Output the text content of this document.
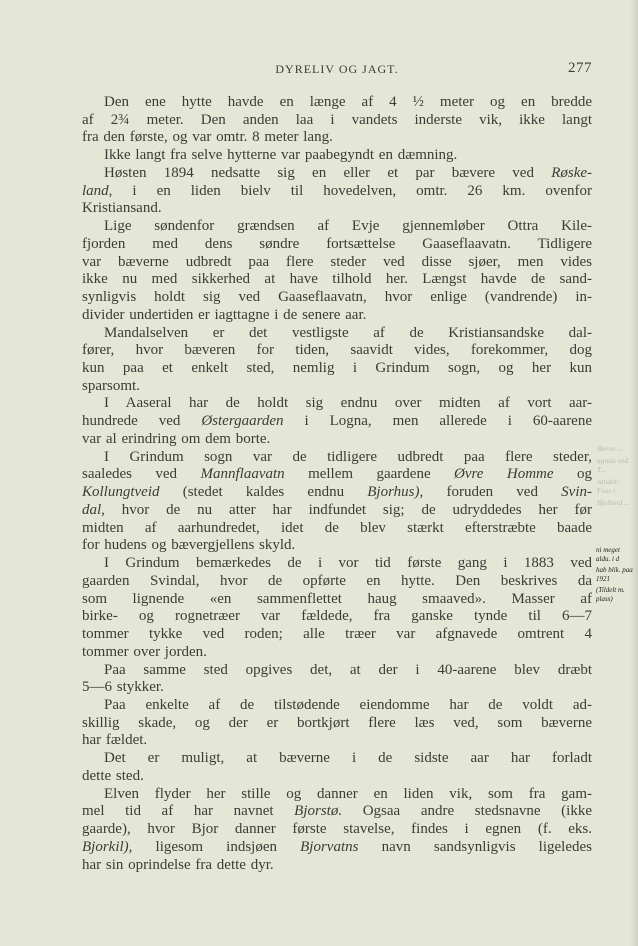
DYRELIV OG JAGT.	277
Den ene hytte havde en længe af 4 ½ meter og en bredde
af 2¾ meter. Den anden laa i vandets inderste vik, ikke langt
fra den første, og var omtr. 8 meter lang.
Ikke langt fra selve hytterne var paabegyndt en dæmning.
Høsten 1894 nedsatte sig en eller et par bævere ved Røske-
land, i en liden bielv til hovedelven, omtr. 26 km. ovenfor
Kristiansand.
Lige søndenfor grændsen af Evje gjennemløber Ottra Kile-
fjorden med dens søndre fortsættelse Gaaseflaavatn. Tidligere
var bæverne udbredt paa flere steder ved disse sjøer, men vides
ikke nu med sikkerhed at have tilhold her. Længst havde de sand-
synligvis holdt sig ved Gaaseflaavatn, hvor enlige (vandrende) in-
divider undertiden er iagttagne i de senere aar.
Mandalselven er det vestligste af de Kristiansandske dal-
fører, hvor bæveren for tiden, saavidt vides, forekommer, dog
kun paa et enkelt sted, nemlig i Grindum sogn, og her kun
sparsomt.
I Aaseral har de holdt sig endnu over midten af vort aar-
hundrede ved Østergaarden i Logna, men allerede i 60-aarene
var al erindring om dem borte.
I Grindum sogn var de tidligere udbredt paa flere steder,
saaledes ved Mannflaavatn mellem gaardene Øvre Homme og
Kollungtveid (stedet kaldes endnu Bjorhus), foruden ved Svin-
dal, hvor de nu atter har indfundet sig; de udryddedes her før
midten af aarhundredet, idet de blev stærkt efterstræbte baade
for hudens og bævergjellens skyld.
I Grindum bemærkedes de i vor tid første gang i 1883 ved
gaarden Svindal, hvor de opførte en hytte. Den beskrives da
som lignende «en sammenflettet haug smaaved». Masser af
birke- og rognetræer var fældede, fra ganske tynde til 6—7
tommer tykke ved roden; alle træer var afgnavede omtrent 4
tommer over jorden.
Paa samme sted opgives det, at der i 40-aarene blev dræbt
5—6 stykker.
Paa enkelte af de tilstødende eiendomme har de voldt ad-
skillig skade, og der er bortkjørt flere læs ved, som bæverne
har fældet.
Det er muligt, at bæverne i de sidste aar har forladt
dette sted.
Elven flyder her stille og danner en liden vik, som fra gam-
mel tid af har navnet Bjorstø. Ogsaa andre stedsnavne (ikke
gaarde), hvor Bjor danner første stavelse, findes i egnen (f. eks.
Bjorkil), ligesom indsjøen Bjorvatns navn sandsynligvis ligeledes
har sin oprindelse fra dette dyr.
Bæver ...
agnaa ved T...
sandet; Foss i
Bjelland ...
ni meget aldu. i d
hab blik. paa 1921
(Tildelt m. plass)
